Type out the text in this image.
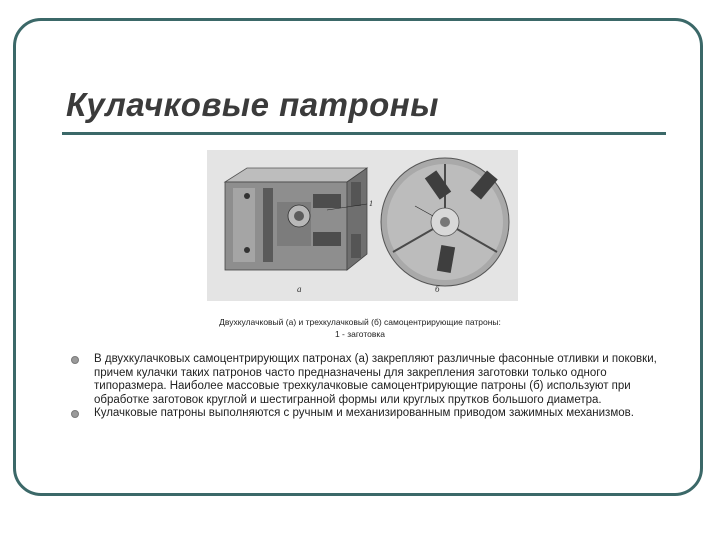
Кулачковые патроны
а
1
б
Двухкулачковый (а) и трехкулачковый (б) самоцентрирующие патроны:
1 - заготовка
В двухкулачковых самоцентрирующих патронах (а) закрепляют различные фасонные отливки и поковки, причем кулачки таких патронов часто предназначены для закрепления заготовки только одного типоразмера. Наиболее массовые трехкулачковые самоцентрирующие патроны (б) используют при обработке заготовок круглой и шестигранной формы или круглых прутков большого диаметра.
Кулачковые патроны выполняются с ручным и механизированным приводом зажимных механизмов.
